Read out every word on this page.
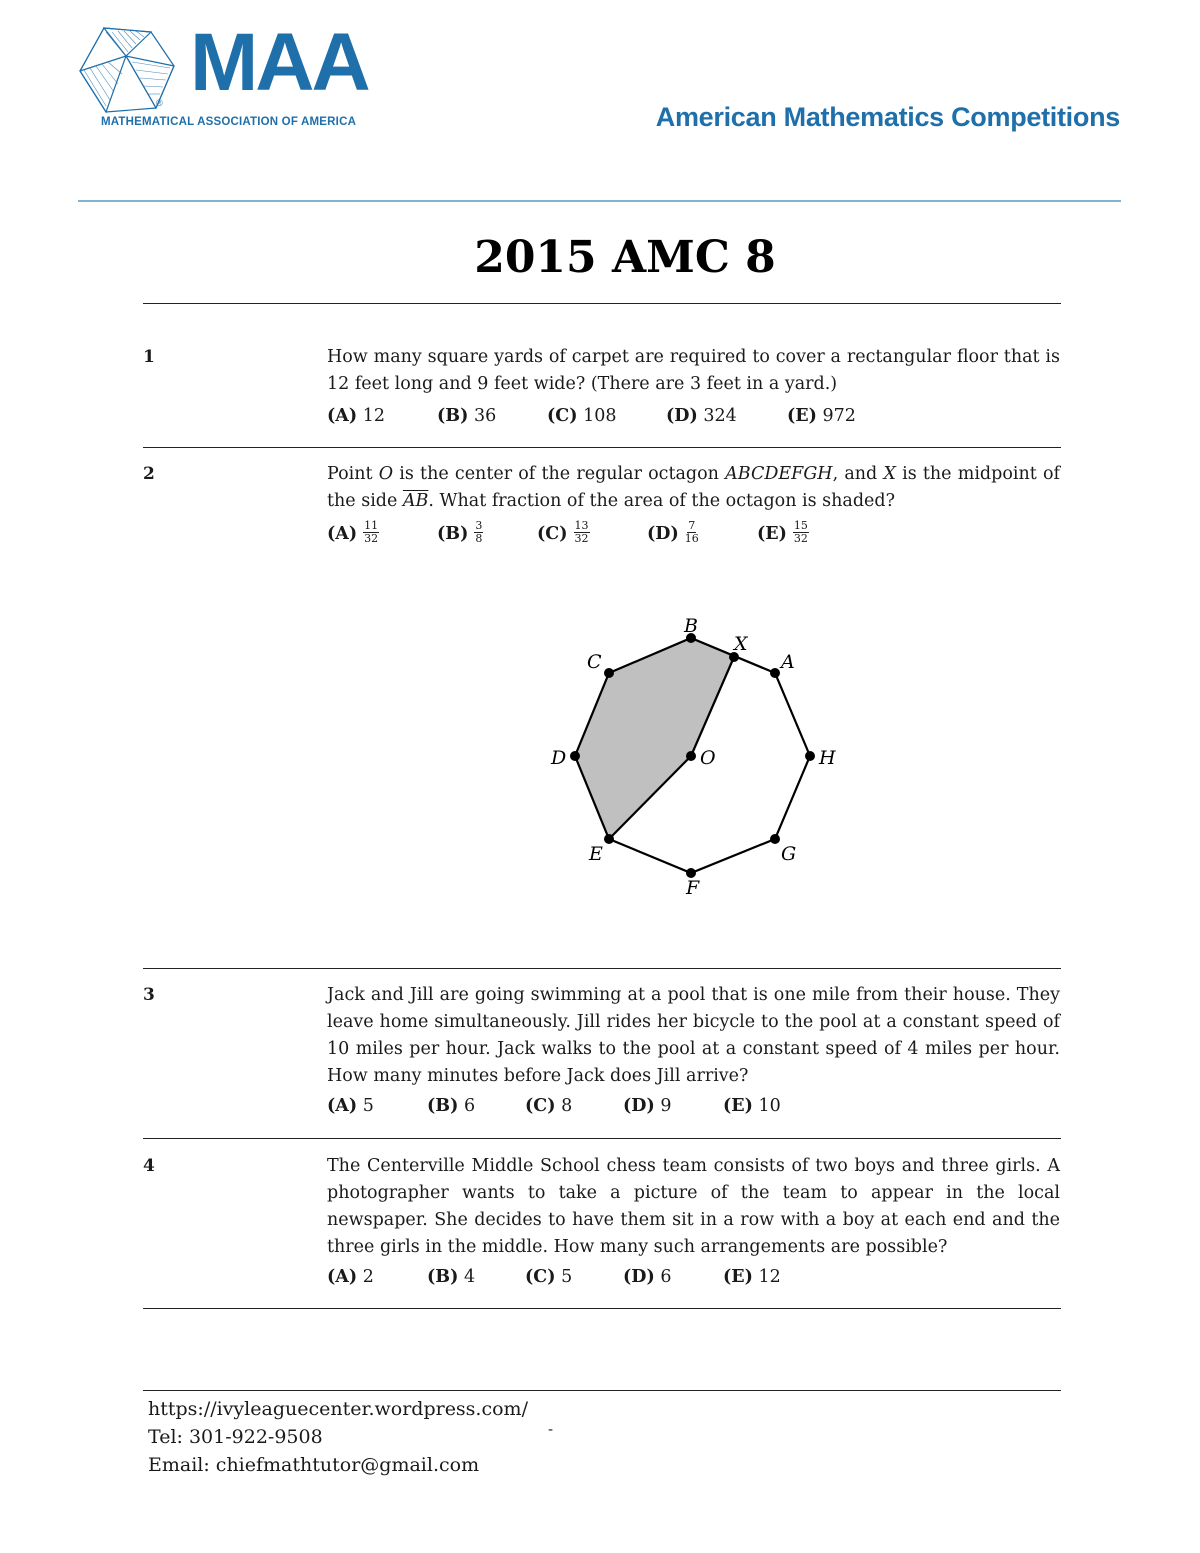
® MAA
MATHEMATICAL ASSOCIATION OF AMERICA	American Mathematics Competitions
2015 AMC 8
1	How many square yards of carpet are required to cover a rectangular floor that is 12 feet long and 9 feet wide? (There are 3 feet in a yard.)
(A) 12	(B) 36	(C) 108	(D) 324	(E) 972
2	Point O is the center of the regular octagon ABCDEFGH, and X is the midpoint of the side $\overline{AB}$. What fraction of the area of the octagon is shaded?
$(A) \frac{11}{32}$	$(B) \frac{3}{8}$	$(C) \frac{13}{32}$	$(D) \frac{7}{16}$	$(E) \frac{15}{32}$
A
B
C
D
E
F
G
H
O
X
3	Jack and Jill are going swimming at a pool that is one mile from their house. They leave home simultaneously. Jill rides her bicycle to the pool at a constant speed of 10 miles per hour. Jack walks to the pool at a constant speed of 4 miles per hour. How many minutes before Jack does Jill arrive?
(A) 5	(B) 6	(C) 8	(D) 9	(E) 10
4	The Centerville Middle School chess team consists of two boys and three girls. A photographer wants to take a picture of the team to appear in the local newspaper. She decides to have them sit in a row with a boy at each end and the three girls in the middle. How many such arrangements are possible?
(A) 2	(B) 4	(C) 5	(D) 6	(E) 12
https://ivyleaguecenter.wordpress.com/
Tel: 301-922-9508
Email: chiefmathtutor@gmail.com
-
